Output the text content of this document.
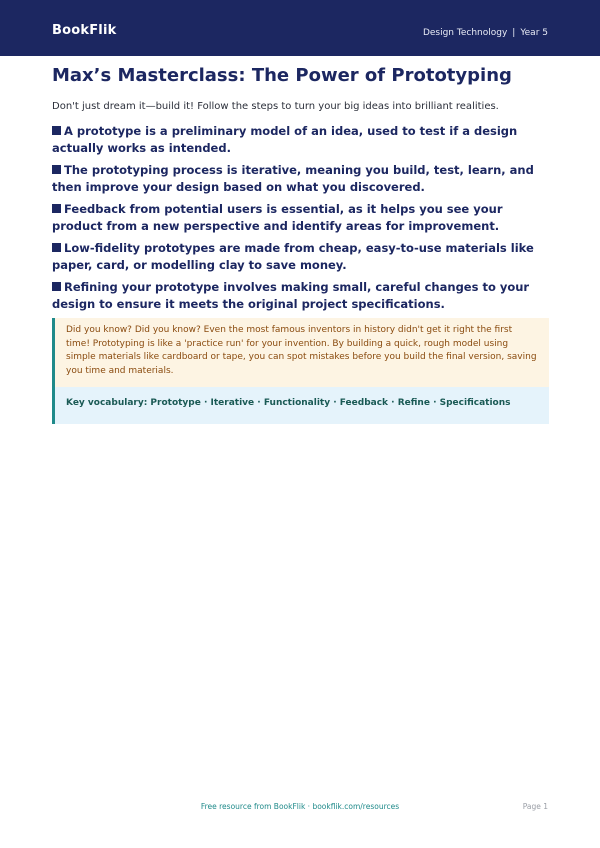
BookFlik	Design Technology | Year 5
Max’s Masterclass: The Power of Prototyping

Don't just dream it—build it! Follow the steps to turn your big ideas into brilliant realities.

A prototype is a preliminary model of an idea, used to test if a design actually works as intended.
The prototyping process is iterative, meaning you build, test, learn, and then improve your design based on what you discovered.
Feedback from potential users is essential, as it helps you see your product from a new perspective and identify areas for improvement.
Low-fidelity prototypes are made from cheap, easy-to-use materials like paper, card, or modelling clay to save money.
Refining your prototype involves making small, careful changes to your design to ensure it meets the original project specifications.
Did you know? Did you know? Even the most famous inventors in history didn't get it right the first time! Prototyping is like a 'practice run' for your invention. By building a quick, rough model using simple materials like cardboard or tape, you can spot mistakes before you build the final version, saving you time and materials.
Key vocabulary: Prototype · Iterative · Functionality · Feedback · Refine · Specifications
Free resource from BookFlik · bookflik.com/resources	Page 1
